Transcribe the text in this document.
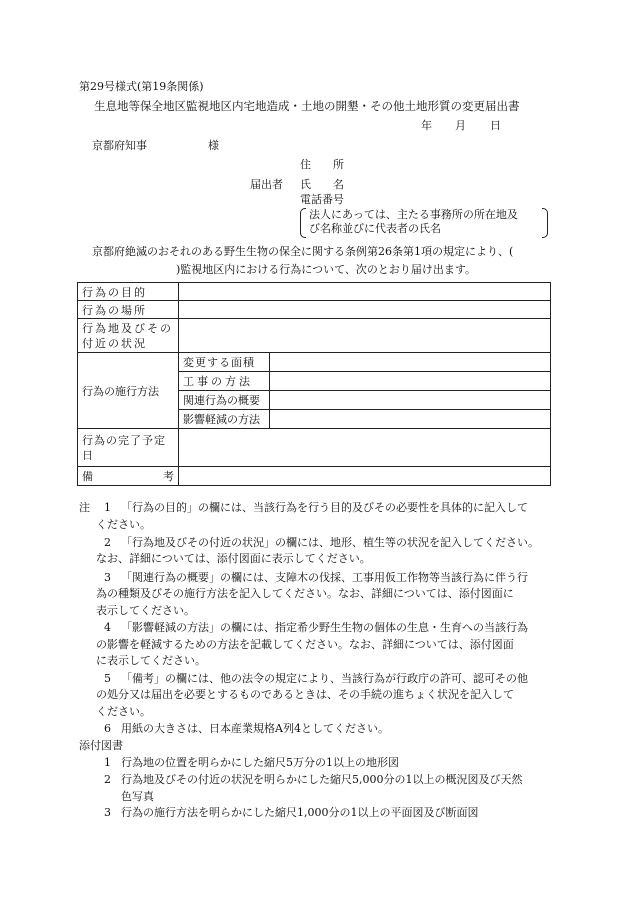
第29号様式(第19条関係)
生息地等保全地区監視地区内宅地造成・土地の開墾・その他土地形質の変更届出書
年 月 日
京都府知事	様
住　　所
届出者 氏　　名
電話番号
法人にあっては、主たる事務所の所在地及
び名称並びに代表者の氏名
京都府絶滅のおそれのある野生生物の保全に関する条例第26条第1項の規定により、(
)監視地区内における行為について、次のとおり届け出ます。
行為の目的		
行為の場所		

行為地及びその
付近の状況		

行為の施行方法	変更する面積	
	工事の方法	
	関連行為の概要	
	影響軽減の方法	

行為の完了予定
日		

備 考		

注 1 「行為の目的」の欄には、当該行為を行う目的及びその必要性を具体的に記入して
ください。
2 「行為地及びその付近の状況」の欄には、地形、植生等の状況を記入してください。
なお、詳細については、添付図面に表示してください。
3 「関連行為の概要」の欄には、支障木の伐採、工事用仮工作物等当該行為に伴う行
為の種類及びその施行方法を記入してください。なお、詳細については、添付図面に
表示してください。
4 「影響軽減の方法」の欄には、指定希少野生生物の個体の生息・生育への当該行為
の影響を軽減するための方法を記載してください。なお、詳細については、添付図面
に表示してください。
5 「備考」の欄には、他の法令の規定により、当該行為が行政庁の許可、認可その他
の処分又は届出を必要とするものであるときは、その手続の進ちょく状況を記入して
ください。
6 用紙の大きさは、日本産業規格A列4としてください。
添付図書
1 行為地の位置を明らかにした縮尺5万分の1以上の地形図
2 行為地及びその付近の状況を明らかにした縮尺5,000分の1以上の概況図及び天然
色写真
3 行為の施行方法を明らかにした縮尺1,000分の1以上の平面図及び断面図
